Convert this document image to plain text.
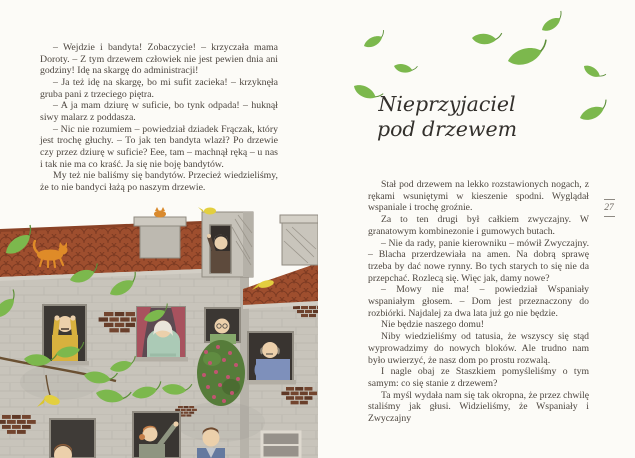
– Wejdzie i bandyta! Zobaczycie! – krzyczała mama Doroty. – Z tym drzewem człowiek nie jest pewien dnia ani godziny! Idę na skargę do administracji!

– Ja też idę na skargę, bo mi sufit zacieka! – krzyknęła gruba pani z trzeciego piętra.

– A ja mam dziurę w suficie, bo tynk odpada! – huknął siwy malarz z poddasza.

– Nic nie rozumiem – powiedział dziadek Frączak, który jest trochę głuchy. – To jak ten bandyta wlazł? Po drzewie czy przez dziurę w suficie? Eee, tam – machnął ręką – u nas i tak nie ma co kraść. Ja się nie boję bandytów.

My też nie baliśmy się bandytów. Przecież wiedzieliśmy, że to nie bandyci łażą po naszym drzewie.

Nieprzyjaciel
pod drzewem

Stał pod drzewem na lekko rozstawionych nogach, z rękami wsuniętymi w kieszenie spodni. Wyglądał wspaniale i trochę groźnie.

Za to ten drugi był całkiem zwyczajny. W granatowym kombinezonie i gumowych butach.

– Nie da rady, panie kierowniku – mówił Zwyczajny. – Blacha przerdzewiała na amen. Na dobrą sprawę trzeba by dać nowe rynny. Bo tych starych to się nie da przepchać. Rozlecą się. Więc jak, damy nowe?

– Mowy nie ma! – powiedział Wspaniały wspaniałym głosem. – Dom jest przeznaczony do rozbiórki. Najdalej za dwa lata już go nie będzie.

Nie będzie naszego domu!

Niby wiedzieliśmy od tatusia, że wszyscy się stąd wyprowadzimy do nowych bloków. Ale trudno nam było uwierzyć, że nasz dom po prostu rozwalą.

I nagle obaj ze Staszkiem pomyśleliśmy o tym samym: co się stanie z drzewem?

Ta myśl wydała nam się tak okropna, że przez chwilę staliśmy jak głusi. Widzieliśmy, że Wspaniały i Zwyczajny

27
